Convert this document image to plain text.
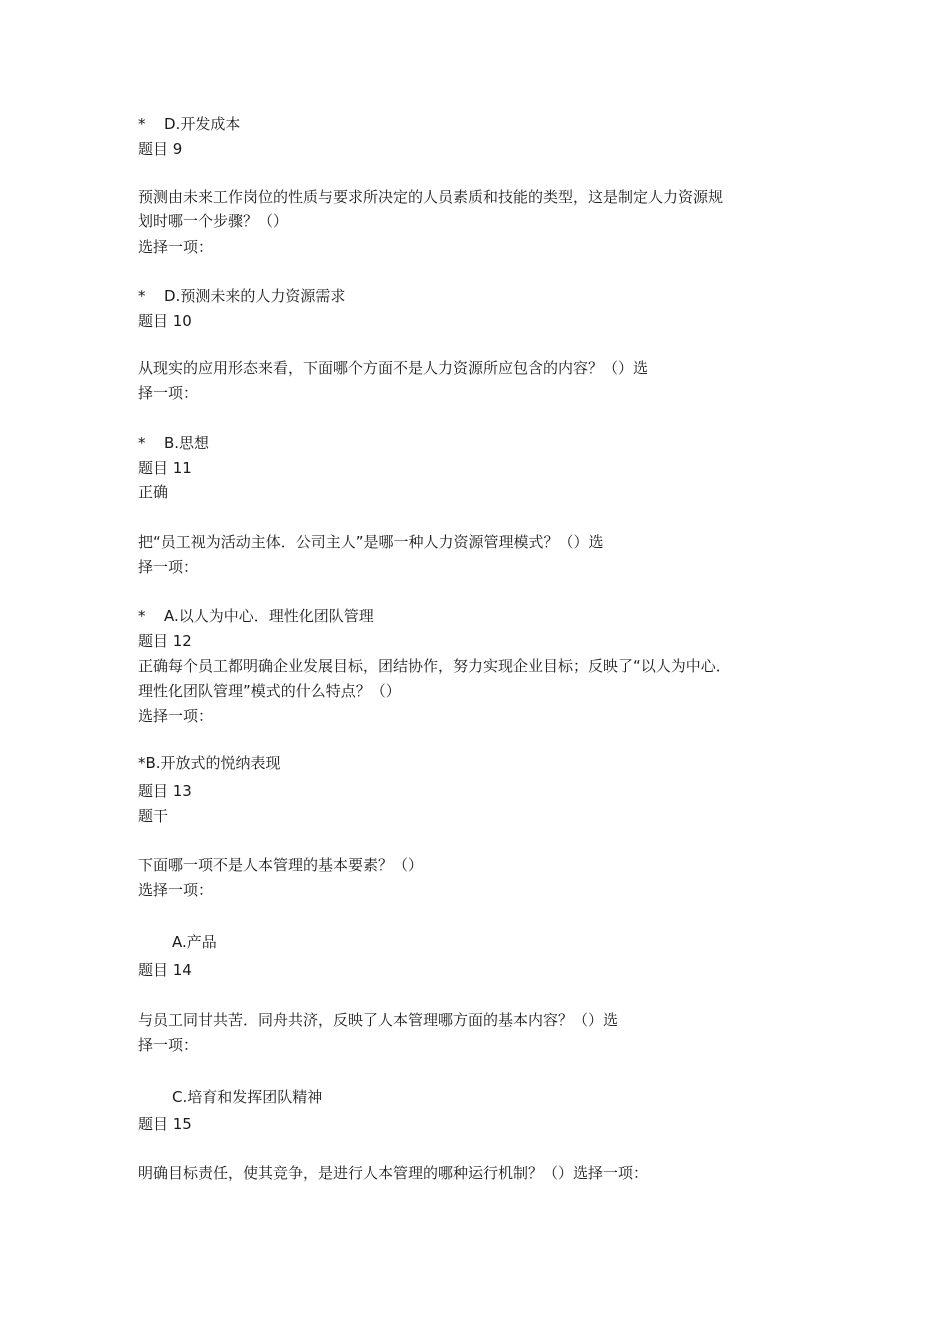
* D.开发成本
题目 9
预测由未来工作岗位的性质与要求所决定的人员素质和技能的类型，这是制定人力资源规
划时哪一个步骤？（）
选择一项：
* D.预测未来的人力资源需求
题目 10
从现实的应用形态来看，下面哪个方面不是人力资源所应包含的内容？（）选
择一项：
* B.思想
题目 11
正确
把“员工视为活动主体．公司主人”是哪一种人力资源管理模式？（）选
择一项：
* A.以人为中心．理性化团队管理
题目 12
正确每个员工都明确企业发展目标，团结协作，努力实现企业目标；反映了“以人为中心．
理性化团队管理”模式的什么特点？（）
选择一项：
*B.开放式的悦纳表现
题目 13
题干
下面哪一项不是人本管理的基本要素？（）
选择一项：
A.产品
题目 14
与员工同甘共苦．同舟共济，反映了人本管理哪方面的基本内容？（）选
择一项：
C.培育和发挥团队精神
题目 15
明确目标责任，使其竞争，是进行人本管理的哪种运行机制？（）选择一项：
